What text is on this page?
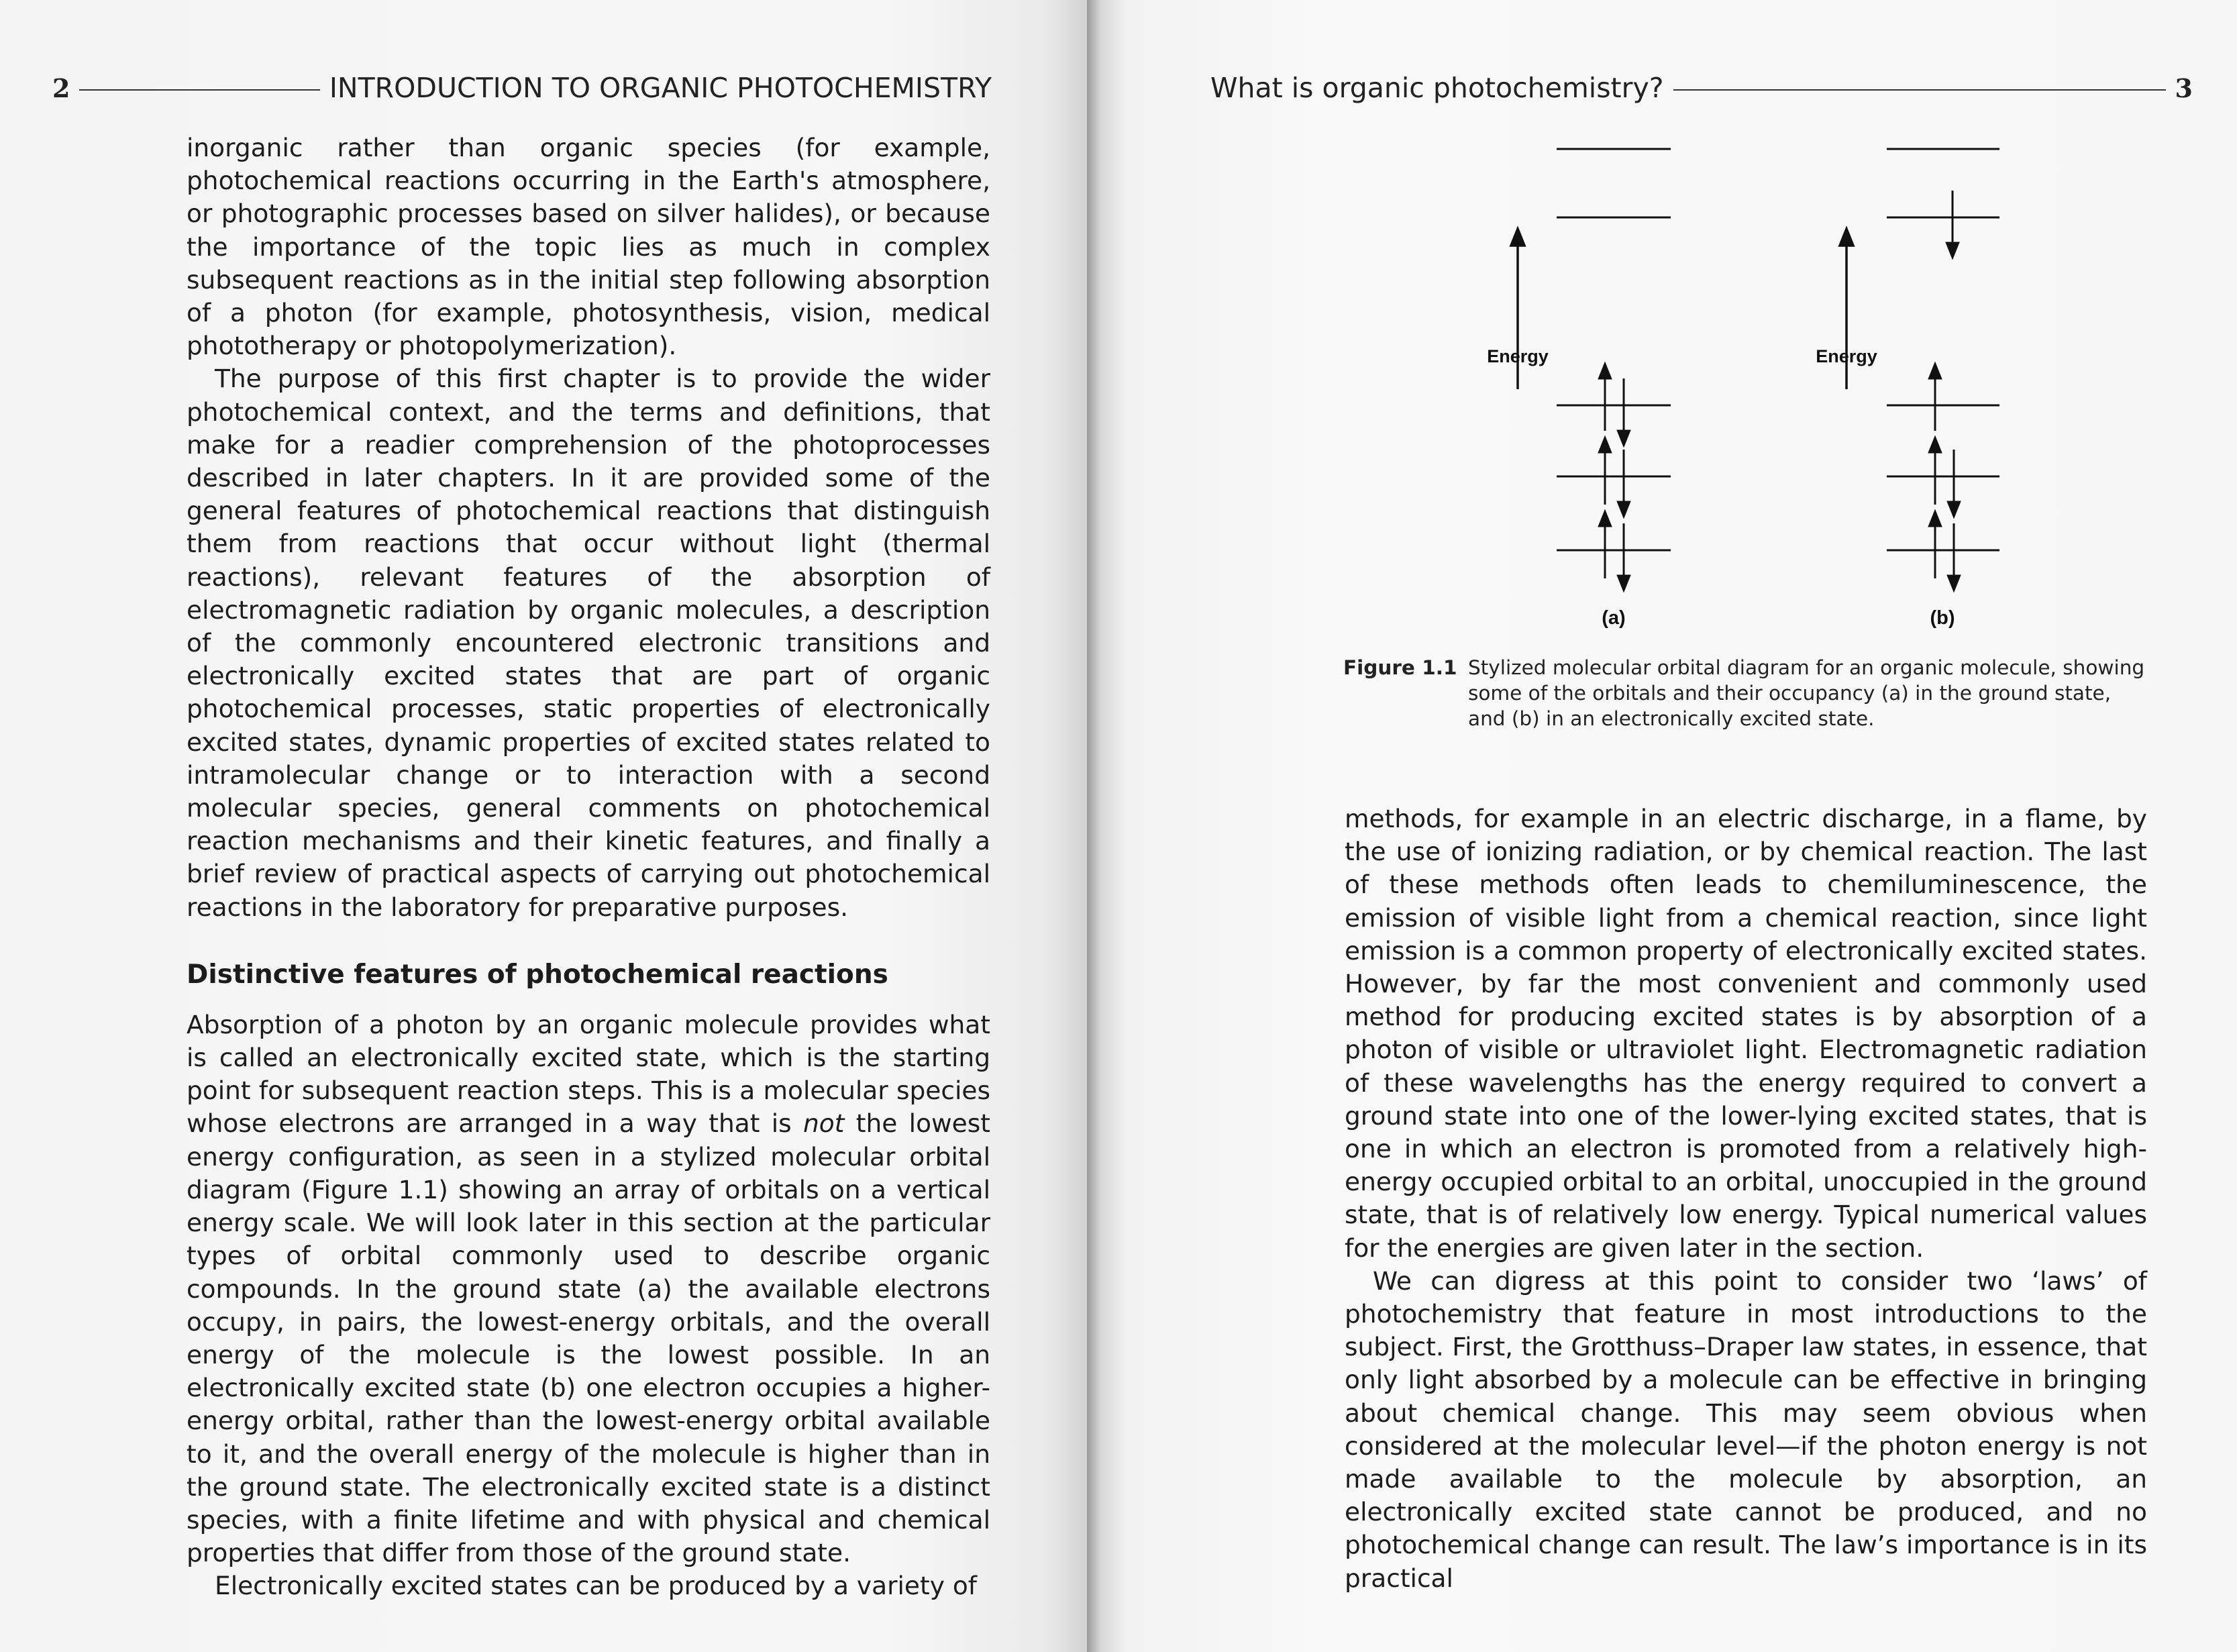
2	INTRODUCTION TO ORGANIC PHOTOCHEMISTRY

inorganic rather than organic species (for example, photochemical reactions occurring in the Earth's atmosphere, or photographic processes based on silver halides), or because the importance of the topic lies as much in complex subsequent reactions as in the initial step following absorption of a photon (for example, photosynthesis, vision, medical phototherapy or photopolymerization).

The purpose of this first chapter is to provide the wider photochemical context, and the terms and definitions, that make for a readier comprehension of the photoprocesses described in later chapters. In it are provided some of the general features of photochemical reactions that distinguish them from reactions that occur without light (thermal reactions), relevant features of the absorption of electromagnetic radiation by organic molecules, a description of the commonly encountered electronic transitions and electronically excited states that are part of organic photochemical processes, static properties of electronically excited states, dynamic properties of excited states related to intramolecular change or to interaction with a second molecular species, general comments on photochemical reaction mechanisms and their kinetic features, and finally a brief review of practical aspects of carrying out photochemical reactions in the laboratory for preparative purposes.

Distinctive features of photochemical reactions

Absorption of a photon by an organic molecule provides what is called an electronically excited state, which is the starting point for subsequent reaction steps. This is a molecular species whose electrons are arranged in a way that is not the lowest energy configuration, as seen in a stylized molecular orbital diagram (Figure 1.1) showing an array of orbitals on a vertical energy scale. We will look later in this section at the particular types of orbital commonly used to describe organic compounds. In the ground state (a) the available electrons occupy, in pairs, the lowest-energy orbitals, and the overall energy of the molecule is the lowest possible. In an electronically excited state (b) one electron occupies a higher-energy orbital, rather than the lowest-energy orbital available to it, and the overall energy of the molecule is higher than in the ground state. The electronically excited state is a distinct species, with a finite lifetime and with physical and chemical properties that differ from those of the ground state.

Electronically excited states can be produced by a variety of

What is organic photochemistry?	3
Energy
(a)
Energy
(b)
Figure 1.1 Stylized molecular orbital diagram for an organic molecule, showing some of the orbitals and their occupancy (a) in the ground state, and (b) in an electronically excited state.

methods, for example in an electric discharge, in a flame, by the use of ionizing radiation, or by chemical reaction. The last of these methods often leads to chemiluminescence, the emission of visible light from a chemical reaction, since light emission is a common property of electronically excited states. However, by far the most convenient and commonly used method for producing excited states is by absorption of a photon of visible or ultraviolet light. Electromagnetic radiation of these wavelengths has the energy required to convert a ground state into one of the lower-lying excited states, that is one in which an electron is promoted from a relatively high-energy occupied orbital to an orbital, unoccupied in the ground state, that is of relatively low energy. Typical numerical values for the energies are given later in the section.

We can digress at this point to consider two ‘laws’ of photochemistry that feature in most introductions to the subject. First, the Grotthuss–Draper law states, in essence, that only light absorbed by a molecule can be effective in bringing about chemical change. This may seem obvious when considered at the molecular level—if the photon energy is not made available to the molecule by absorption, an electronically excited state cannot be produced, and no photochemical change can result. The law’s importance is in its practical
